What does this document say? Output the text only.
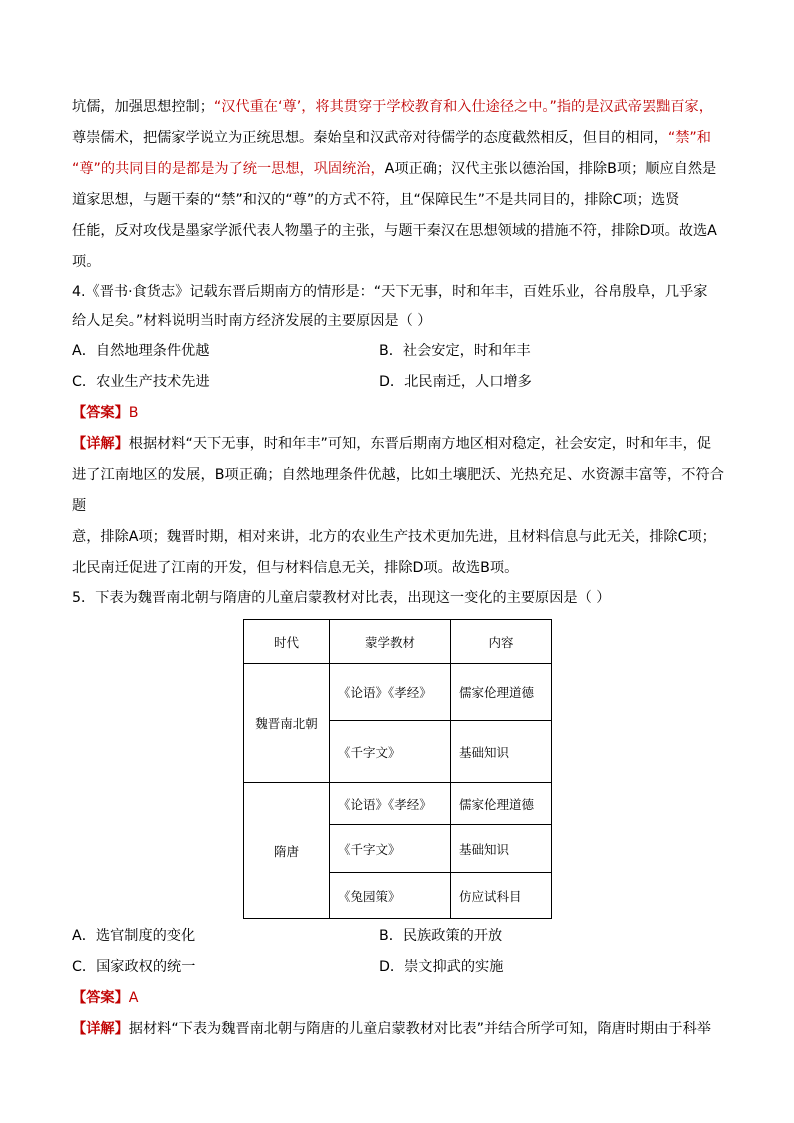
坑儒，加强思想控制；“汉代重在‘尊’，将其贯穿于学校教育和入仕途径之中。”指的是汉武帝罢黜百家，

尊崇儒术，把儒家学说立为正统思想。秦始皇和汉武帝对待儒学的态度截然相反，但目的相同，“禁”和

“尊”的共同目的是都是为了统一思想，巩固统治，A项正确；汉代主张以德治国，排除B项；顺应自然是

道家思想，与题干秦的“禁”和汉的“尊”的方式不符，且“保障民生”不是共同目的，排除C项；选贤

任能，反对攻伐是墨家学派代表人物墨子的主张，与题干秦汉在思想领域的措施不符，排除D项。故选A

项。

4.《晋书·食货志》记载东晋后期南方的情形是：“天下无事，时和年丰，百姓乐业，谷帛殷阜，几乎家

给人足矣。”材料说明当时南方经济发展的主要原因是（ ）

A．自然地理条件优越	B．社会安定，时和年丰
C．农业生产技术先进	D．北民南迁，人口增多

【答案】B

【详解】根据材料“天下无事，时和年丰”可知，东晋后期南方地区相对稳定，社会安定，时和年丰，促

进了江南地区的发展，B项正确；自然地理条件优越，比如土壤肥沃、光热充足、水资源丰富等，不符合题

意，排除A项；魏晋时期，相对来讲，北方的农业生产技术更加先进，且材料信息与此无关，排除C项；

北民南迁促进了江南的开发，但与材料信息无关，排除D项。故选B项。

5．下表为魏晋南北朝与隋唐的儿童启蒙教材对比表，出现这一变化的主要原因是（ ）

时代	蒙学教材	内容
魏晋南北朝	《论语》《孝经》	儒家伦理道德
	《千字文》	基础知识
隋唐	《论语》《孝经》	儒家伦理道德
	《千字文》	基础知识
	《兔园策》	仿应试科目
A．选官制度的变化	B．民族政策的开放
C．国家政权的统一	D．崇文抑武的实施

【答案】A

【详解】据材料“下表为魏晋南北朝与隋唐的儿童启蒙教材对比表”并结合所学可知，隋唐时期由于科举
